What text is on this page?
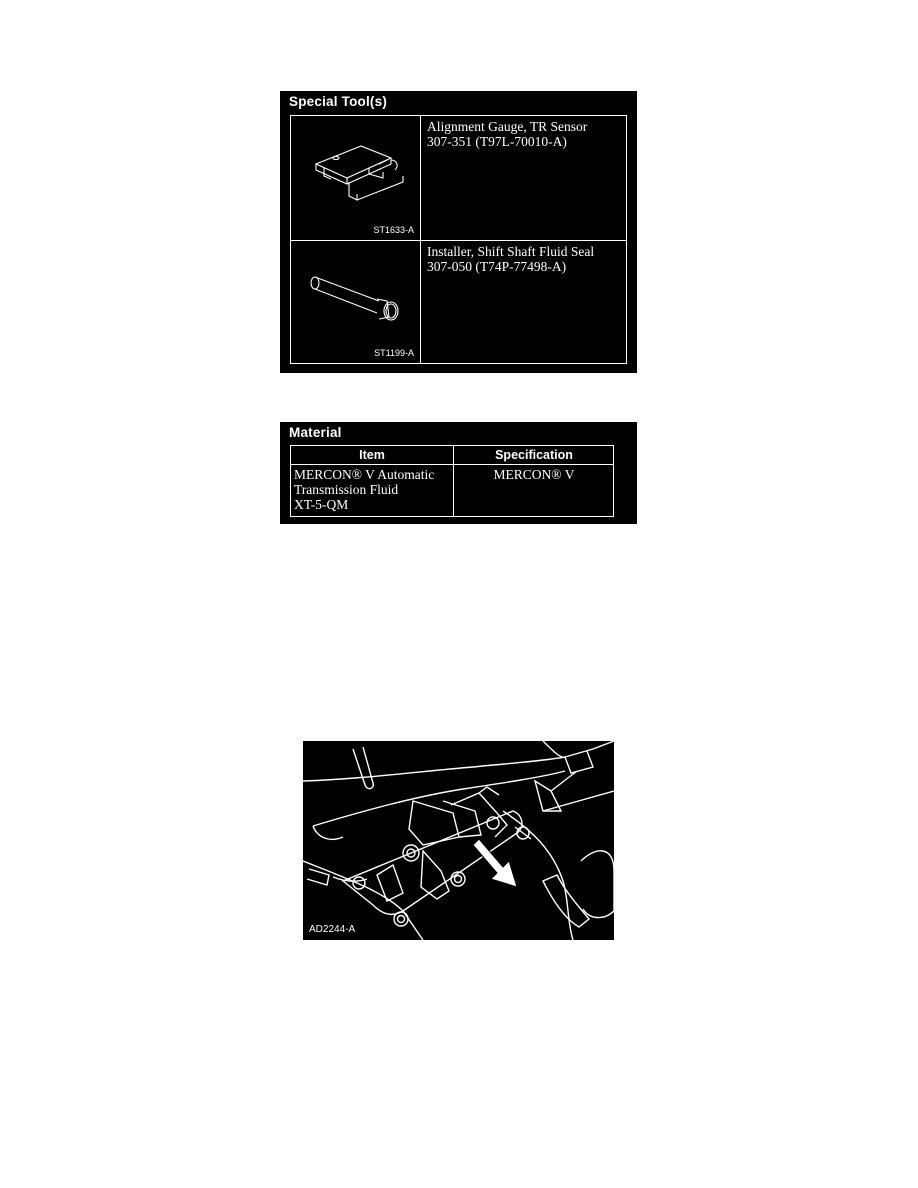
Special Tool(s)
ST1633-A
Alignment Gauge, TR Sensor
307-351 (T97L-70010-A)
ST1199-A
Installer, Shift Shaft Fluid Seal
307-050 (T74P-77498-A)
Material
Item	Specification
MERCON® V Automatic
Transmission Fluid
XT-5-QM
MERCON® V
AD2244-A
